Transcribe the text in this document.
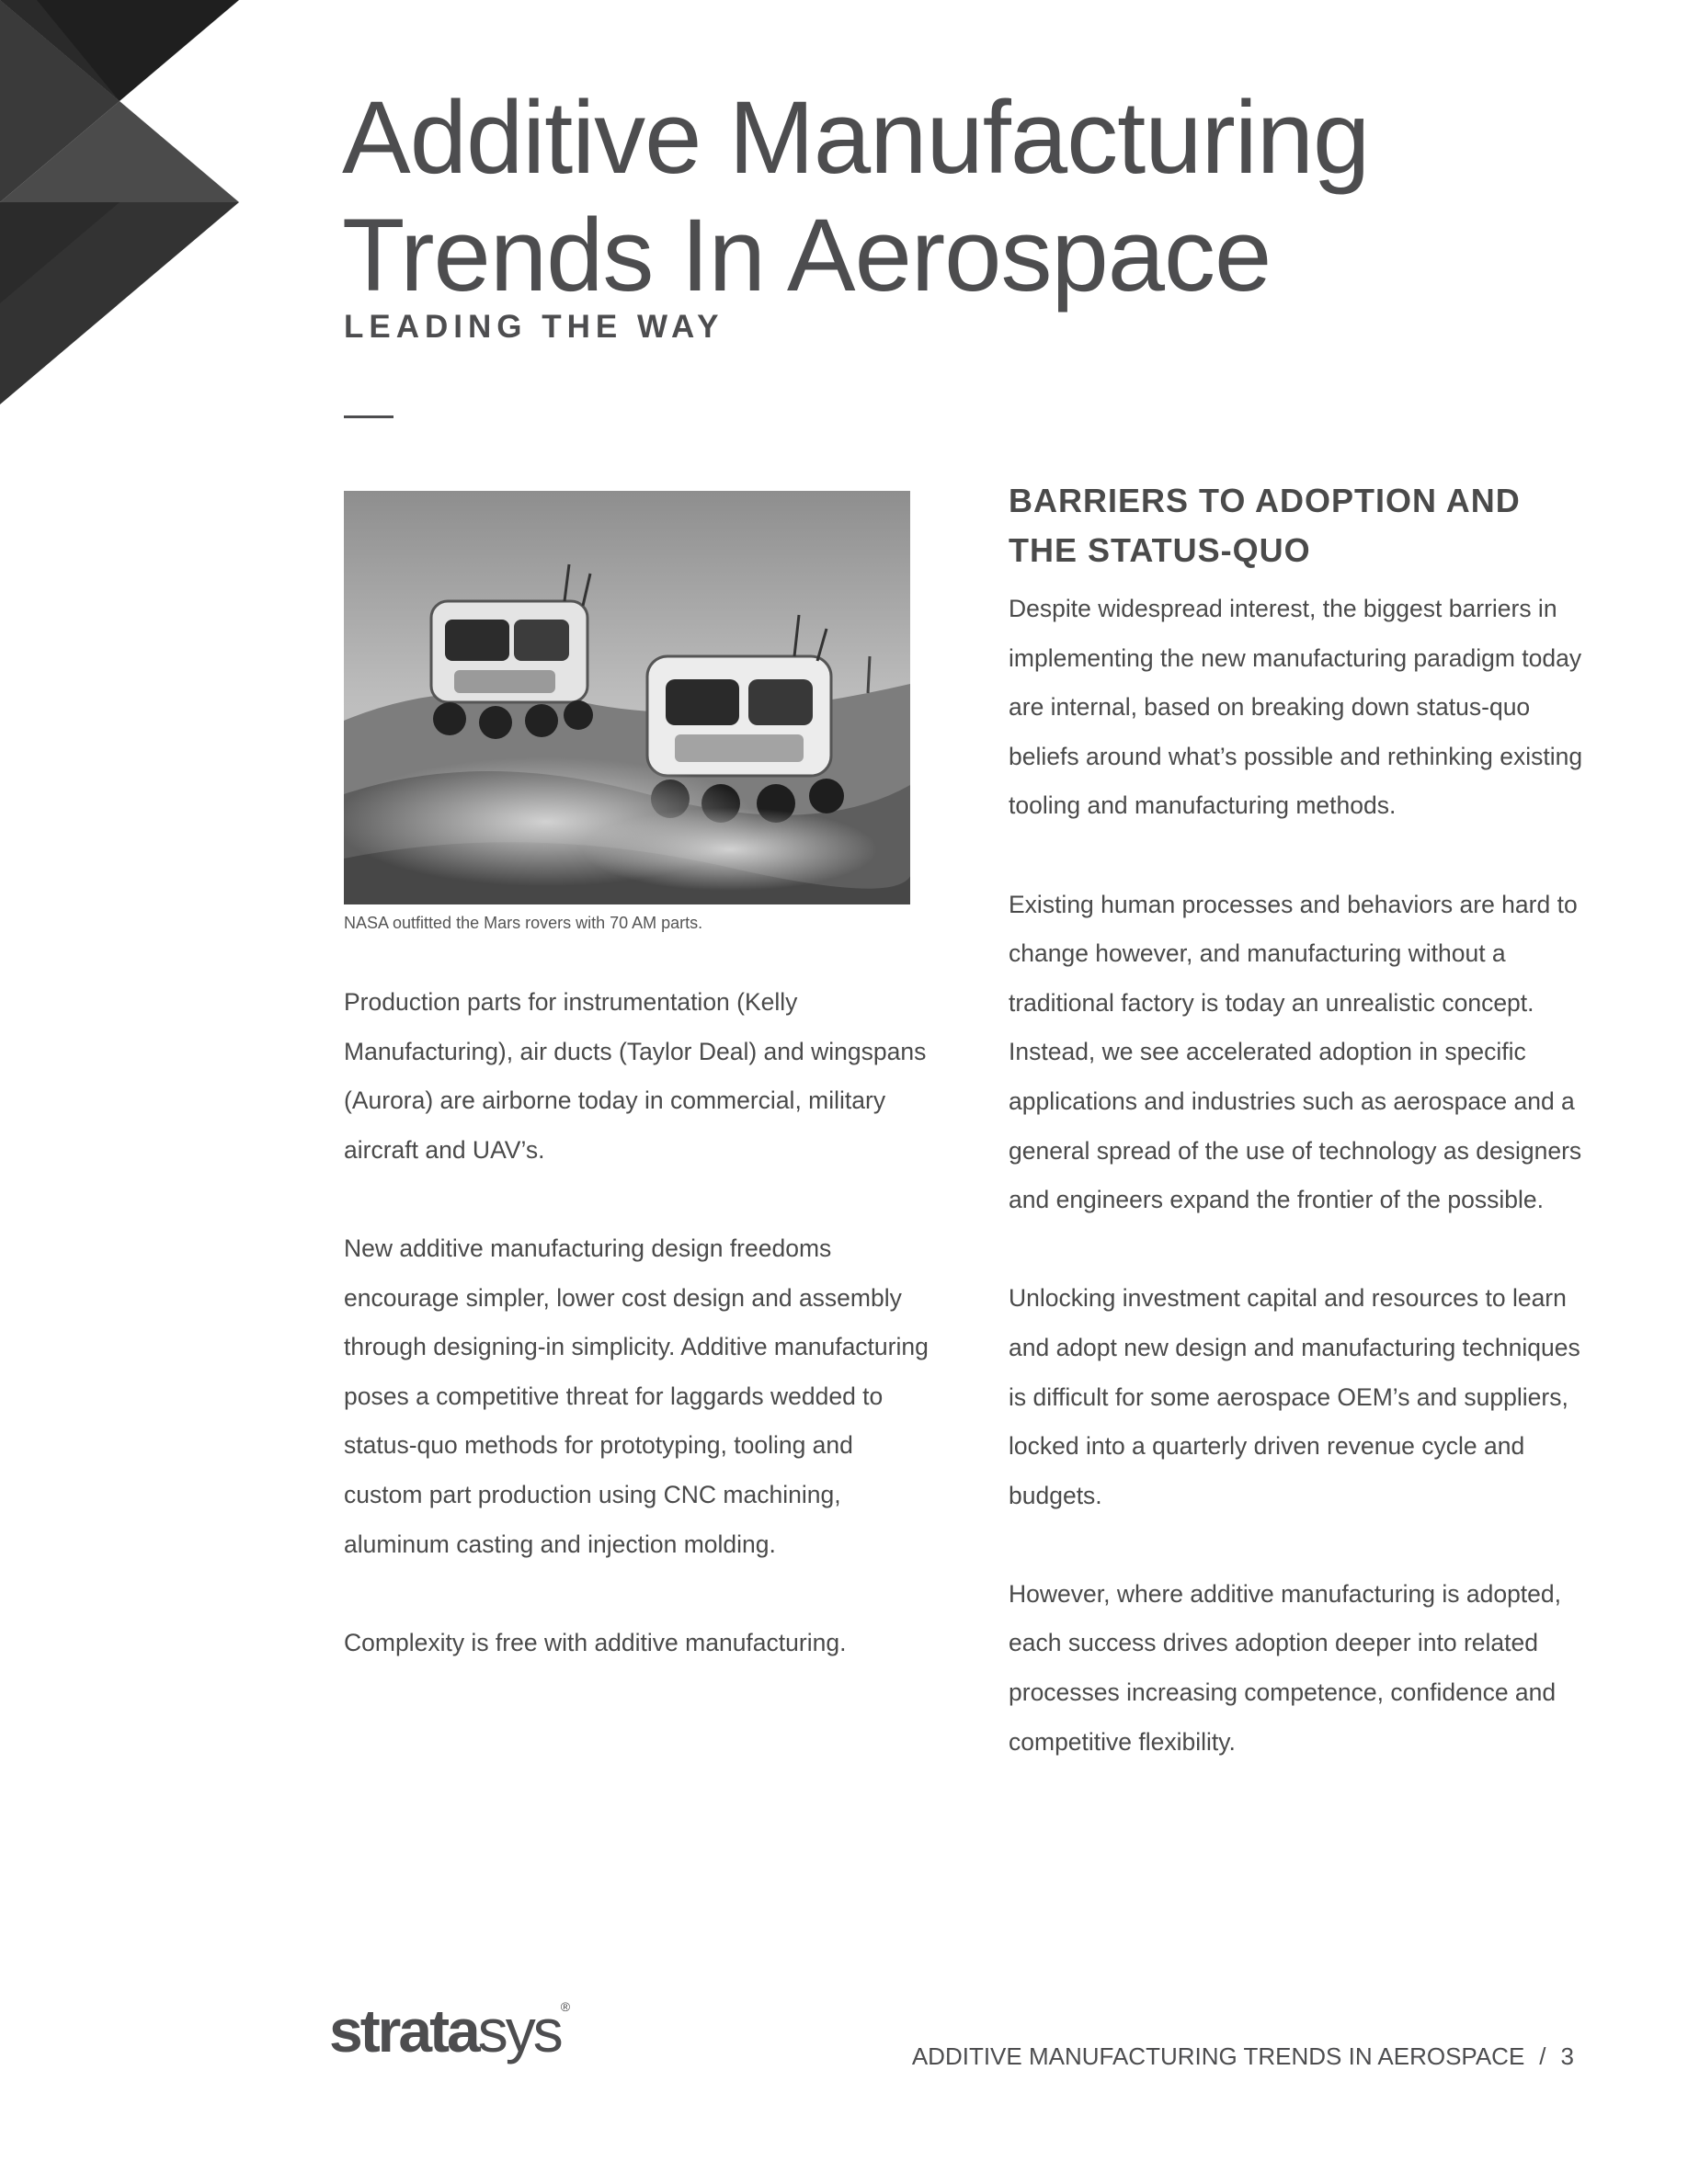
Additive Manufacturing
Trends In Aerospace

LEADING THE WAY

NASA outfitted the Mars rovers with 70 AM parts.

Production parts for instrumentation (Kelly Manufacturing), air ducts (Taylor Deal) and wingspans (Aurora) are airborne today in commercial, military aircraft and UAV’s.

New additive manufacturing design freedoms encourage simpler, lower cost design and assembly through designing-in simplicity. Additive manufacturing poses a competitive threat for laggards wedded to status-quo methods for prototyping, tooling and custom part production using CNC machining, aluminum casting and injection molding.

Complexity is free with additive manufacturing.

BARRIERS TO ADOPTION AND
THE STATUS-QUO

Despite widespread interest, the biggest barriers in implementing the new manufacturing paradigm today are internal, based on breaking down status-quo beliefs around what’s possible and rethinking existing tooling and manufacturing methods.

Existing human processes and behaviors are hard to change however, and manufacturing without a traditional factory is today an unrealistic concept. Instead, we see accelerated adoption in specific applications and industries such as aerospace and a general spread of the use of technology as designers and engineers expand the frontier of the possible.

Unlocking investment capital and resources to learn and adopt new design and manufacturing techniques is difficult for some aerospace OEM’s and suppliers, locked into a quarterly driven revenue cycle and budgets.

However, where additive manufacturing is adopted, each success drives adoption deeper into related processes increasing competence, confidence and competitive flexibility.

stratasys®

ADDITIVE MANUFACTURING TRENDS IN AEROSPACE / 3
